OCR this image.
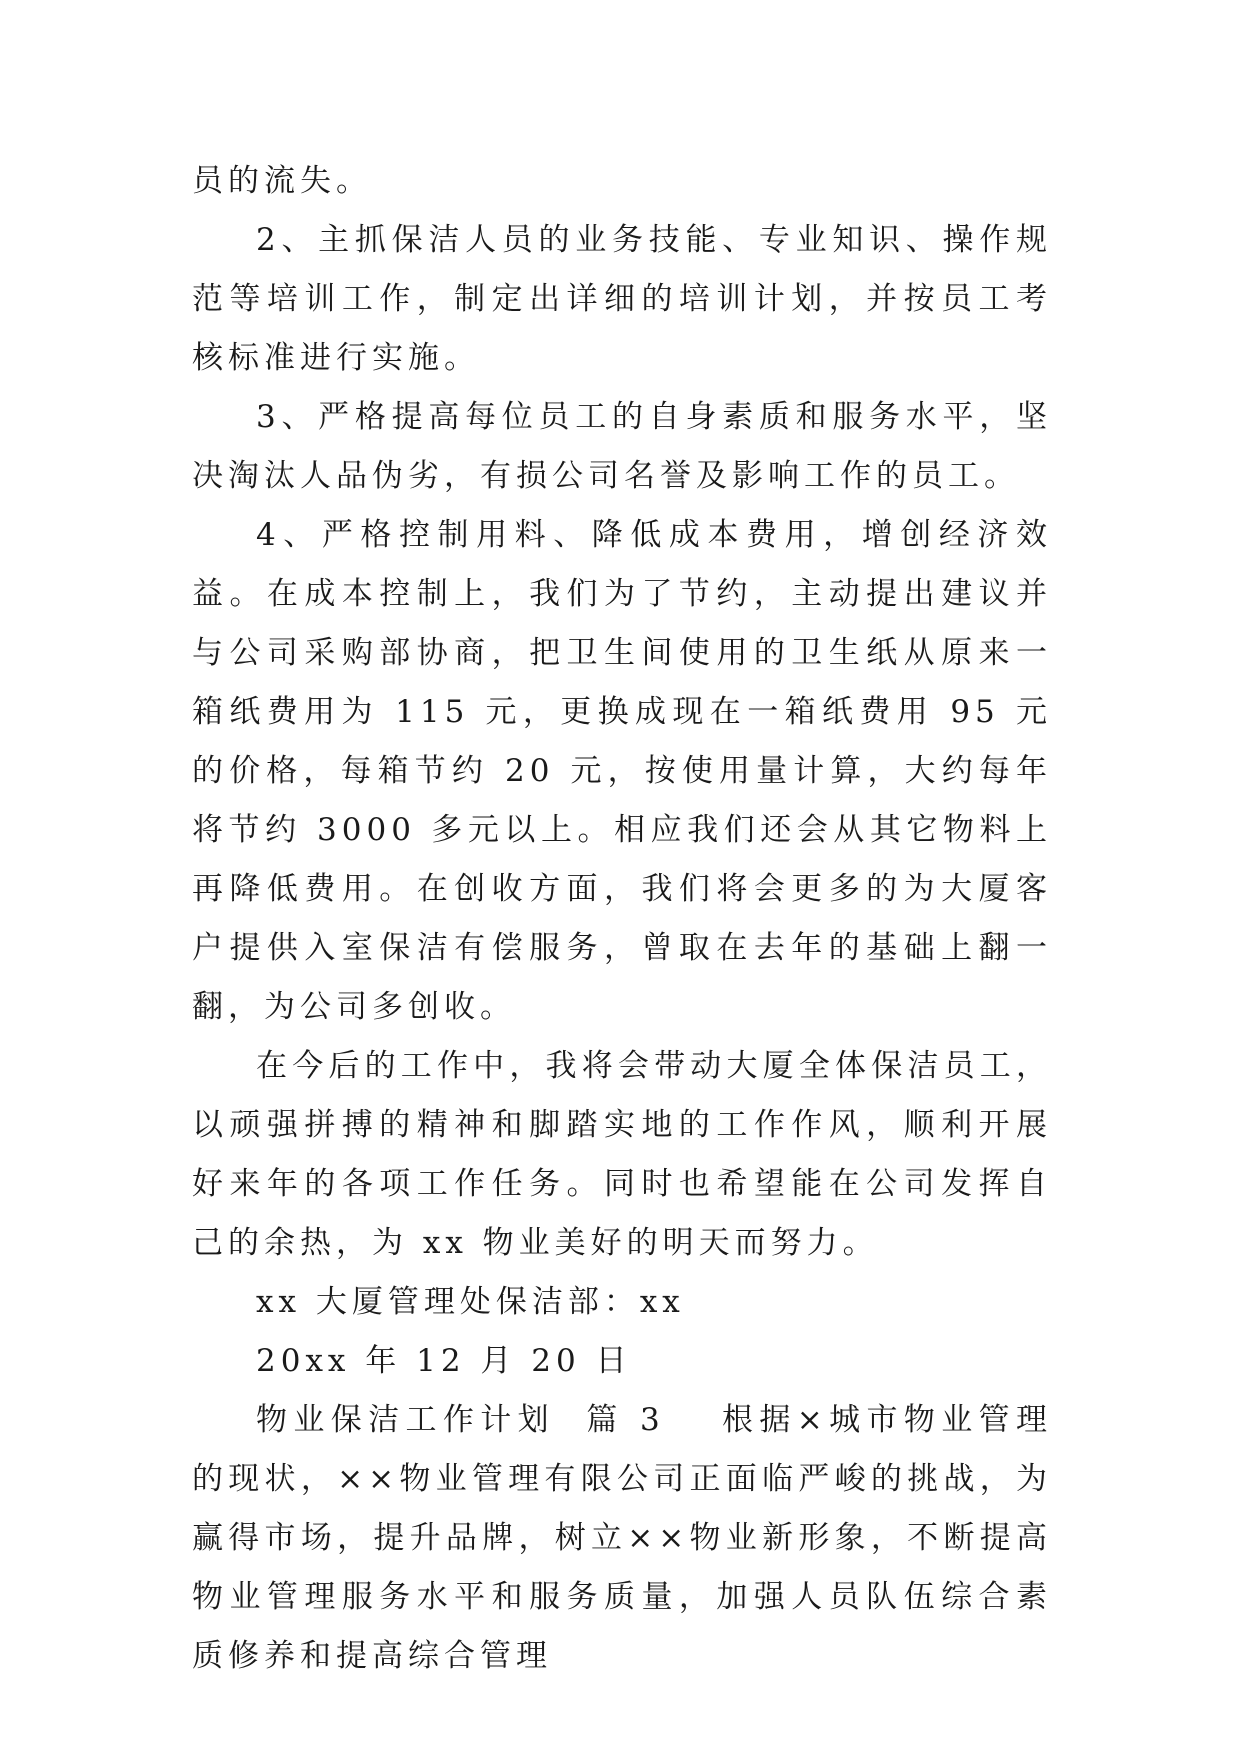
员的流失。

2、主抓保洁人员的业务技能、专业知识、操作规范等培训工作，制定出详细的培训计划，并按员工考核标准进行实施。

3、严格提高每位员工的自身素质和服务水平，坚决淘汰人品伪劣，有损公司名誉及影响工作的员工。

4、严格控制用料、降低成本费用，增创经济效益。在成本控制上，我们为了节约，主动提出建议并与公司采购部协商，把卫生间使用的卫生纸从原来一箱纸费用为 115 元，更换成现在一箱纸费用 95 元的价格，每箱节约 20 元，按使用量计算，大约每年将节约 3000 多元以上。相应我们还会从其它物料上再降低费用。在创收方面，我们将会更多的为大厦客户提供入室保洁有偿服务，曾取在去年的基础上翻一翻，为公司多创收。

在今后的工作中，我将会带动大厦全体保洁员工，以顽强拼搏的精神和脚踏实地的工作作风，顺利开展好来年的各项工作任务。同时也希望能在公司发挥自己的余热，为 xx 物业美好的明天而努力。

xx 大厦管理处保洁部：xx

20xx 年 12 月 20 日

物业保洁工作计划 篇 3 根据×城市物业管理的现状，××物业管理有限公司正面临严峻的挑战，为赢得市场，提升品牌，树立××物业新形象，不断提高物业管理服务水平和服务质量，加强人员队伍综合素质修养和提高综合管理
